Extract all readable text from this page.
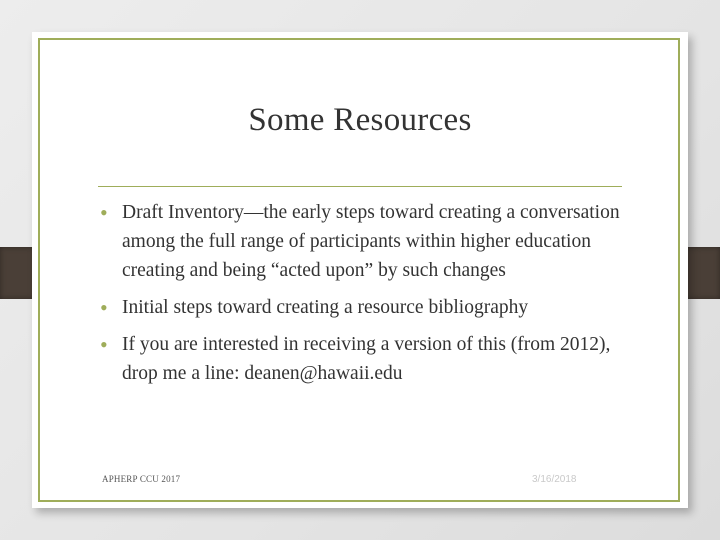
Some Resources
• Draft Inventory—the early steps toward creating a conversation among the full range of participants within higher education creating and being “acted upon” by such changes
• Initial steps toward creating a resource bibliography
• If you are interested in receiving a version of this (from 2012), drop me a line: deanen@hawaii.edu
APHERP CCU 2017	3/16/2018
